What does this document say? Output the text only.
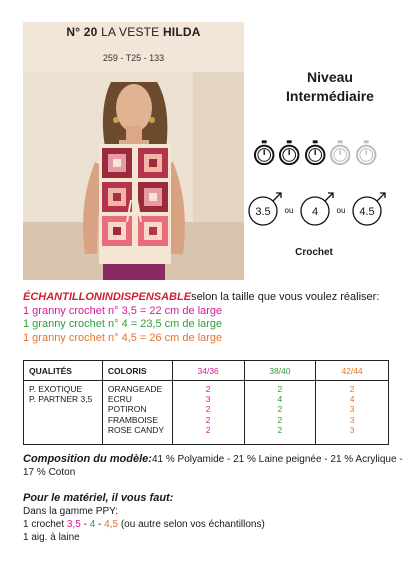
N° 20 LA VESTE HILDA
259 - T25 - 133
Niveau
Intermédiaire
3.5 ou 4 ou 4.5
Crochet
ÉCHANTILLONINDISPENSABLEselon la taille que vous voulez réaliser:
1 granny crochet n° 3,5 = 22 cm de large
1 granny crochet n° 4 = 23,5 cm de large
1 granny crochet n° 4,5 = 26 cm de large
QUALITÉS	COLORIS	34/36	38/40	42/44
P. EXOTIQUE
P. PARTNER 3,5	ORANGEADE
ECRU
POTIRON
FRAMBOISE
ROSE CANDY	2
3
2
2
2	2
4
2
2
2	2
4
3
3
3
Composition du modèle:41 % Polyamide - 21 % Laine peignée - 21 % Acrylique - 17 % Coton
Pour le matériel, il vous faut:
Dans la gamme PPY:
1 crochet 3,5 - 4 - 4,5 (ou autre selon vos échantillons)
1 aig. à laine
